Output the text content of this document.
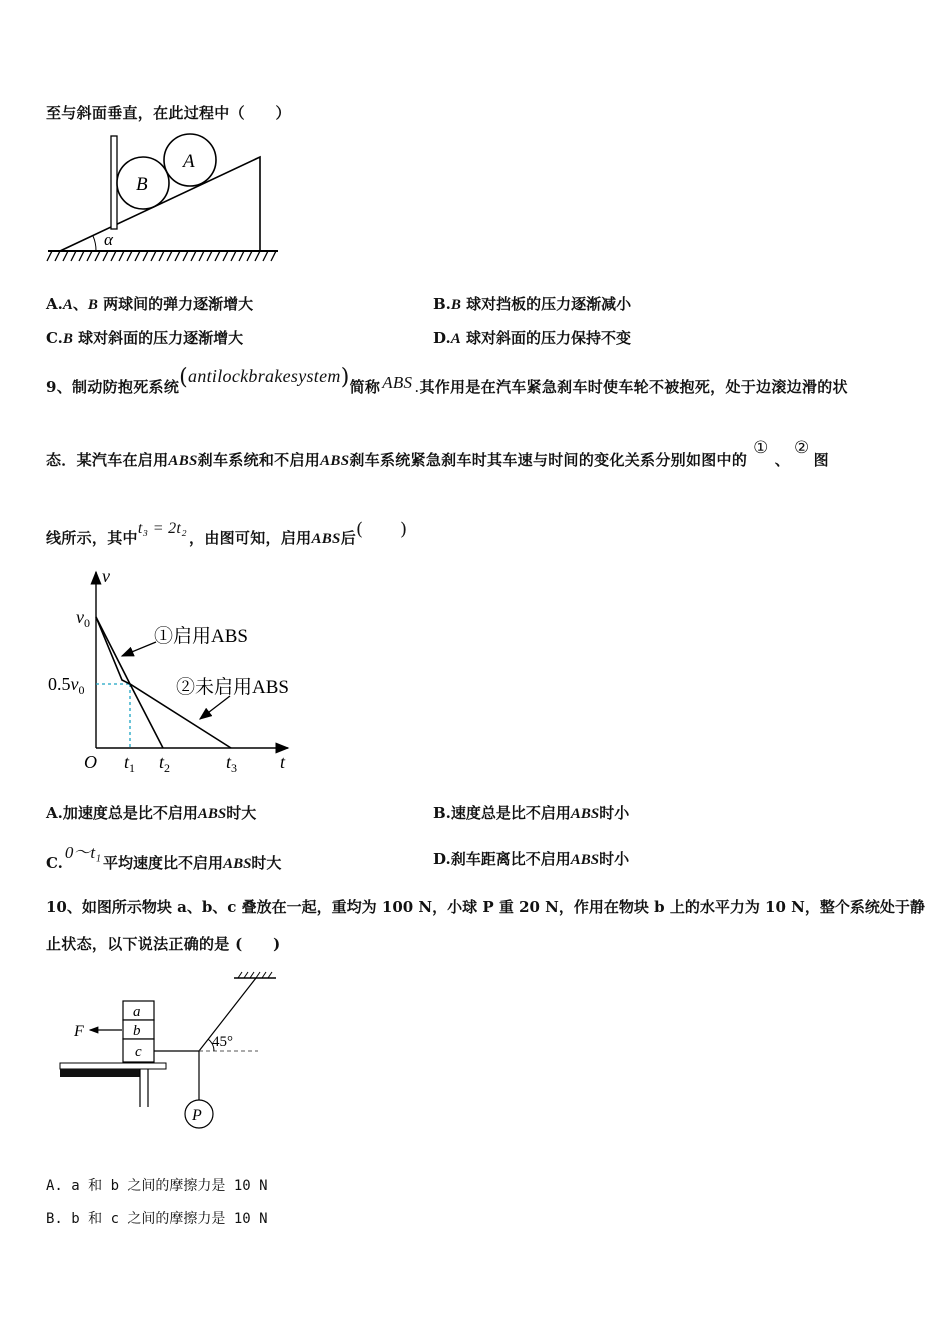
至与斜面垂直，在此过程中（　　）
α
B
A
A.A、B 两球间的弹力逐渐增大	B.B 球对挡板的压力逐渐减小
C.B 球对斜面的压力逐渐增大	D.A 球对斜面的压力保持不变
9、制动防抱死系统(antilockbrakesystem)简称 ABS .其作用是在汽车紧急刹车时使车轮不被抱死，处于边滚边滑的状
态．某汽车在启用ABS刹车系统和不启用ABS刹车系统紧急刹车时其车速与时间的变化关系分别如图中的①、②图
线所示，其中t₃ = 2t₂，由图可知，启用ABS后(　　)
$v_0$
$0.5v_0$
O $t_1$ $t_2$	$t_3$ t
v
①启用ABS
②未启用ABS
A.加速度总是比不启用ABS时大	B.速度总是比不启用ABS时小
C.0～t₁平均速度比不启用ABS时大	D.刹车距离比不启用ABS时小
10、如图所示物块 a、b、c 叠放在一起，重均为 100 N，小球 P 重 20 N，作用在物块 b 上的水平力为 10 N，整个系统处于静
止状态，以下说法正确的是 (　　)
45°
P
a
b
c
F
A. a 和 b 之间的摩擦力是 10 N
B. b 和 c 之间的摩擦力是 10 N
